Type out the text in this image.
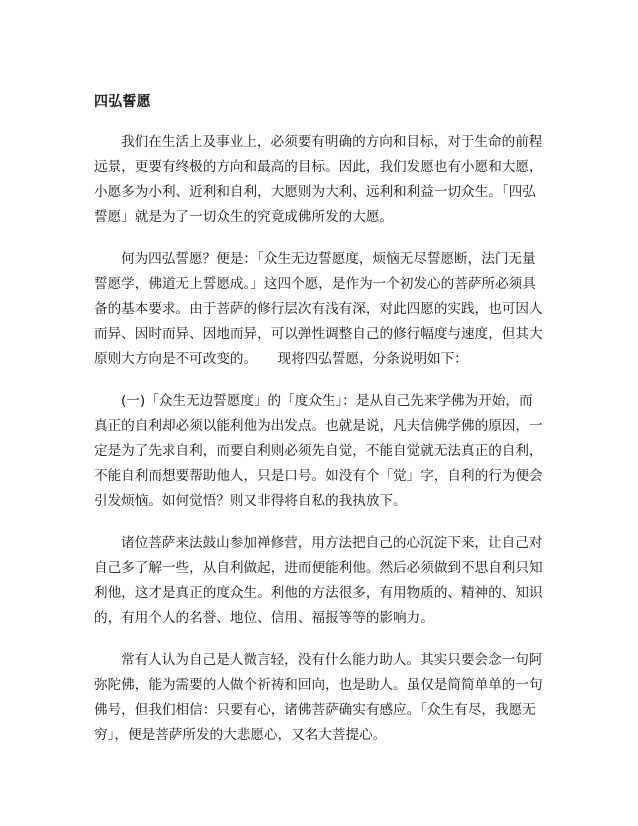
四弘誓愿
我们在生活上及事业上，必须要有明确的方向和目标，对于生命的前程
远景，更要有终极的方向和最高的目标。因此，我们发愿也有小愿和大愿，
小愿多为小利、近利和自利，大愿则为大利、远利和利益一切众生。「四弘
誓愿」就是为了一切众生的究竟成佛所发的大愿。
何为四弘誓愿？便是：「众生无边誓愿度，烦恼无尽誓愿断，法门无量
誓愿学，佛道无上誓愿成。」这四个愿，是作为一个初发心的菩萨所必须具
备的基本要求。由于菩萨的修行层次有浅有深，对此四愿的实践，也可因人
而异、因时而异、因地而异，可以弹性调整自己的修行幅度与速度，但其大
原则大方向是不可改变的。　　现将四弘誓愿，分条说明如下：
(一)「众生无边誓愿度」的「度众生」：是从自己先来学佛为开始，而
真正的自利却必须以能利他为出发点。也就是说，凡夫信佛学佛的原因，一
定是为了先求自利，而要自利则必须先自觉，不能自觉就无法真正的自利，
不能自利而想要帮助他人，只是口号。如没有个「觉」字，自利的行为便会
引发烦恼。如何觉悟？则又非得将自私的我执放下。
诸位菩萨来法鼓山参加禅修营，用方法把自己的心沉淀下来，让自己对
自己多了解一些，从自利做起，进而便能利他。然后必须做到不思自利只知
利他，这才是真正的度众生。利他的方法很多，有用物质的、精神的、知识
的，有用个人的名誉、地位、信用、福报等等的影响力。
常有人认为自己是人微言轻，没有什么能力助人。其实只要会念一句阿
弥陀佛，能为需要的人做个祈祷和回向，也是助人。虽仅是简简单单的一句
佛号，但我们相信：只要有心，诸佛菩萨确实有感应。「众生有尽，我愿无
穷」，便是菩萨所发的大悲愿心，又名大菩提心。
